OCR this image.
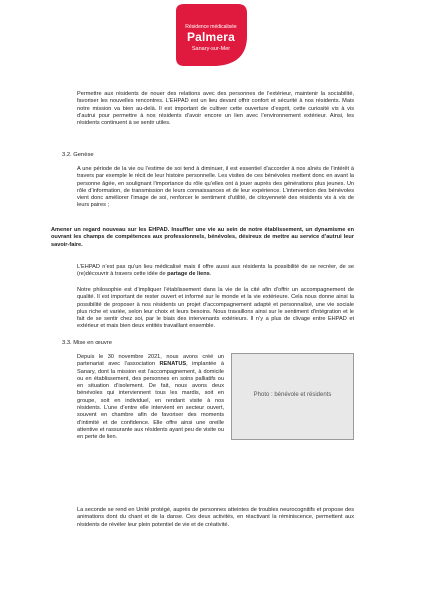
Résidence médicalisée
Palmera
Sanary-sur-Mer

Permettre aux résidents de nouer des relations avec des personnes de l’extérieur, maintenir la sociabilité, favoriser les nouvelles rencontres. L’EHPAD est un lieu devant offrir confort et sécurité à nos résidents. Mais notre mission va bien au-delà. Il est important de cultiver cette ouverture d’esprit, cette curiosité vis à vis d’autrui pour permettre à nos résidents d’avoir encore un lien avec l’environnement extérieur. Ainsi, les résidents continuent à se sentir utiles.

3.2. Genèse

A une période de la vie ou l’estime de soi tend à diminuer, il est essentiel d’accorder à nos aînés de l’intérêt à travers par exemple le récit de leur histoire personnelle. Les visites de ces bénévoles mettent donc en avant la personne âgée, en soulignant l’importance du rôle qu’elles ont à jouer auprès des générations plus jeunes. Un rôle d’information, de transmission de leurs connaissances et de leur expérience. L’intervention des bénévoles vient donc améliorer l’image de soi, renforcer le sentiment d’utilité, de citoyenneté des résidents vis à vis de leurs paires ;

Amener un regard nouveau sur les EHPAD. Insuffler une vie au sein de notre établissement, un dynamisme en ouvrant les champs de compétences aux professionnels, bénévoles, désireux de mettre au service d’autrui leur savoir-faire.

L’EHPAD n’est pas qu’un lieu médicalisé mais il offre aussi aux résidents la possibilité de se recréer, de se (re)découvrir à travers cette idée de partage de liens.

Notre philosophie est d’impliquer l’établissement dans la vie de la cité afin d’offrir un accompagnement de qualité. Il est important de rester ouvert et informé sur le monde et la vie extérieure. Cela nous donne ainsi la possibilité de proposer à nos résidents un projet d’accompagnement adapté et personnalisé, une vie sociale plus riche et variée, selon leur choix et leurs besoins. Nous travaillons ainsi sur le sentiment d’intégration et le fait de se sentir chez soi, par le biais des intervenants extérieurs. Il n’y a plus de clivage entre EHPAD et extérieur et mais bien deux entités travaillant ensemble.

3.3. Mise en œuvre

Depuis le 30 novembre 2021, nous avons créé un partenariat avec l’association RENATUS, implantée à Sanary, dont la mission est l’accompagnement, à domicile ou en établissement, des personnes en soins palliatifs ou en situation d’isolement. De fait, nous avons deux bénévoles qui interviennent tous les mardis, soit en groupe, soit en individuel, en rendant visite à nos résidents. L’une d’entre elle intervient en secteur ouvert, souvent en chambre afin de favoriser des moments d’intimité et de confidence. Elle offre ainsi une oreille attentive et rassurante aux résidents ayant peu de visite ou en perte de lien.

Photo : bénévole et résidents

La seconde se rend en Unité protégé, auprès de personnes atteintes de troubles neurocognitifs et propose des animations dont du chant et de la danse. Ces deux activités, en réactivant la réminiscence, permettent aux résidents de révéler leur plein potentiel de vie et de créativité.
